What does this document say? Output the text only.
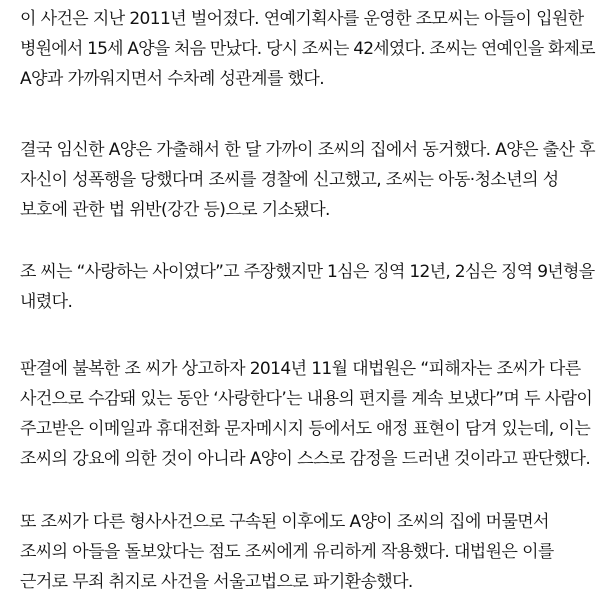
이 사건은 지난 2011년 벌어졌다. 연예기획사를 운영한 조모씨는 아들이 입원한
병원에서 15세 A양을 처음 만났다. 당시 조씨는 42세였다. 조씨는 연예인을 화제로
A양과 가까워지면서 수차례 성관계를 했다.

결국 임신한 A양은 가출해서 한 달 가까이 조씨의 집에서 동거했다. A양은 출산 후
자신이 성폭행을 당했다며 조씨를 경찰에 신고했고, 조씨는 아동·청소년의 성
보호에 관한 법 위반(강간 등)으로 기소됐다.

조 씨는 “사랑하는 사이였다”고 주장했지만 1심은 징역 12년, 2심은 징역 9년형을
내렸다.

판결에 불복한 조 씨가 상고하자 2014년 11월 대법원은 “피해자는 조씨가 다른
사건으로 수감돼 있는 동안 ‘사랑한다’는 내용의 편지를 계속 보냈다”며 두 사람이
주고받은 이메일과 휴대전화 문자메시지 등에서도 애정 표현이 담겨 있는데, 이는
조씨의 강요에 의한 것이 아니라 A양이 스스로 감정을 드러낸 것이라고 판단했다.

또 조씨가 다른 형사사건으로 구속된 이후에도 A양이 조씨의 집에 머물면서
조씨의 아들을 돌보았다는 점도 조씨에게 유리하게 작용했다. 대법원은 이를
근거로 무죄 취지로 사건을 서울고법으로 파기환송했다.
